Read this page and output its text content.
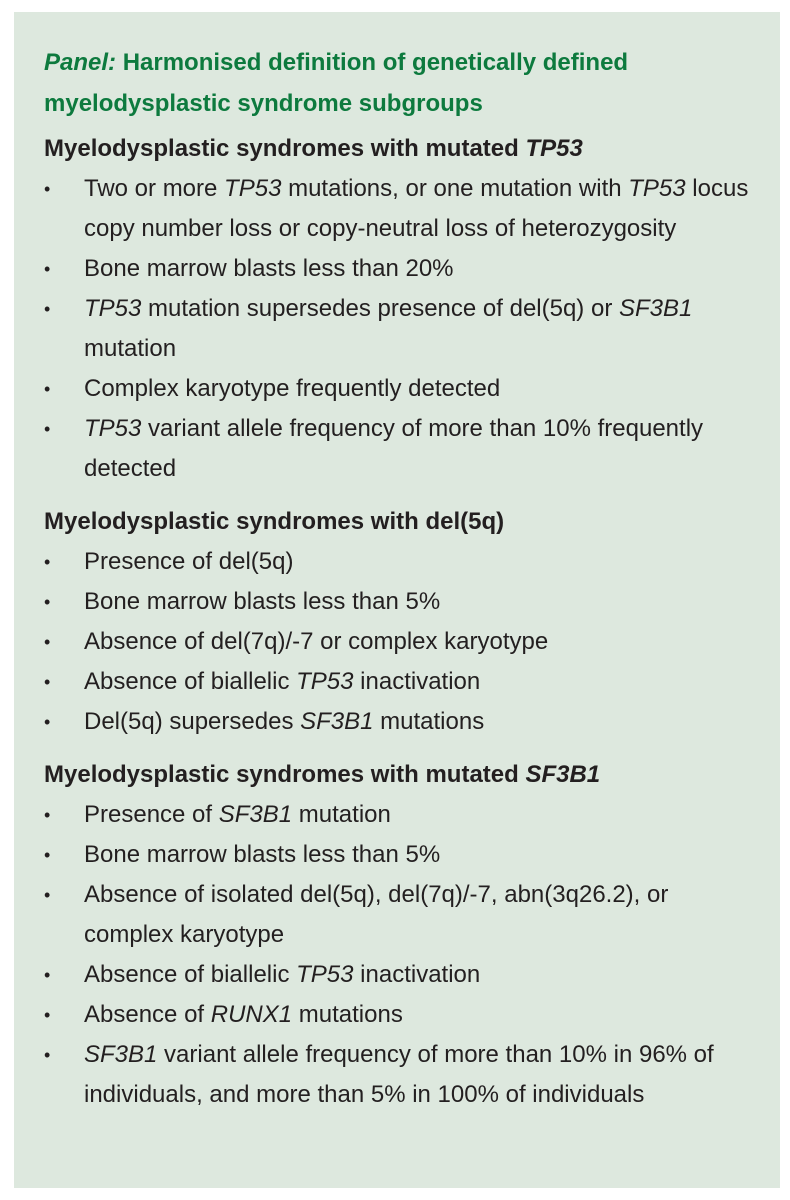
Panel: Harmonised definition of genetically defined myelodysplastic syndrome subgroups
Myelodysplastic syndromes with mutated TP53
• Two or more TP53 mutations, or one mutation with TP53 locus copy number loss or copy-neutral loss of heterozygosity
• Bone marrow blasts less than 20%
• TP53 mutation supersedes presence of del(5q) or SF3B1 mutation
• Complex karyotype frequently detected
• TP53 variant allele frequency of more than 10% frequently detected
Myelodysplastic syndromes with del(5q)
• Presence of del(5q)
• Bone marrow blasts less than 5%
• Absence of del(7q)/-7 or complex karyotype
• Absence of biallelic TP53 inactivation
• Del(5q) supersedes SF3B1 mutations
Myelodysplastic syndromes with mutated SF3B1
• Presence of SF3B1 mutation
• Bone marrow blasts less than 5%
• Absence of isolated del(5q), del(7q)/-7, abn(3q26.2), or complex karyotype
• Absence of biallelic TP53 inactivation
• Absence of RUNX1 mutations
• SF3B1 variant allele frequency of more than 10% in 96% of individuals, and more than 5% in 100% of individuals
